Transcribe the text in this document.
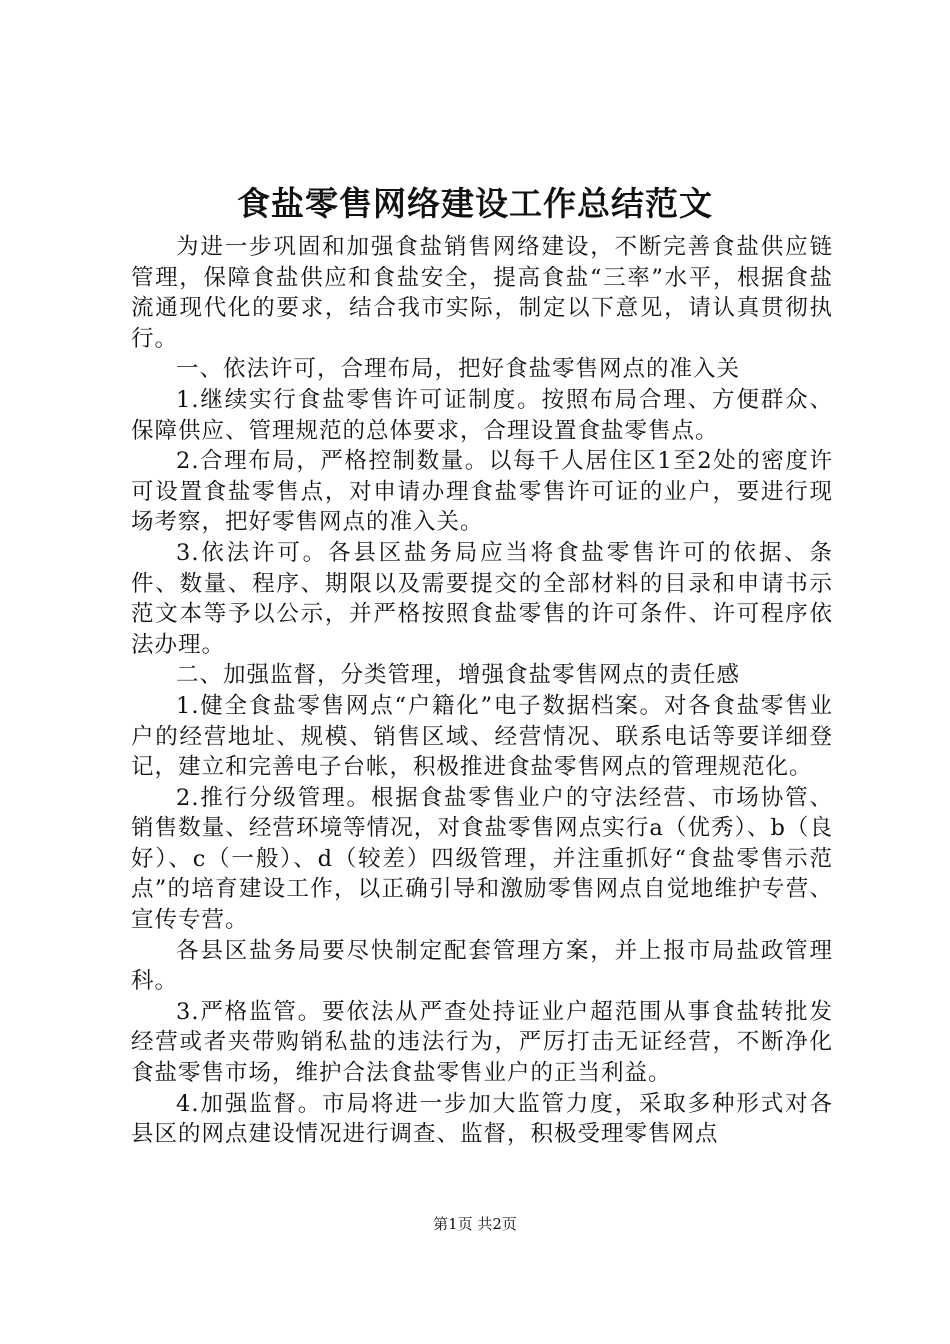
食盐零售网络建设工作总结范文

为进一步巩固和加强食盐销售网络建设，不断完善食盐供应链管理，保障食盐供应和食盐安全，提高食盐“三率”水平，根据食盐流通现代化的要求，结合我市实际，制定以下意见，请认真贯彻执行。

一、依法许可，合理布局，把好食盐零售网点的准入关

1.继续实行食盐零售许可证制度。按照布局合理、方便群众、保障供应、管理规范的总体要求，合理设置食盐零售点。

2.合理布局，严格控制数量。以每千人居住区1至2处的密度许可设置食盐零售点，对申请办理食盐零售许可证的业户，要进行现场考察，把好零售网点的准入关。

3.依法许可。各县区盐务局应当将食盐零售许可的依据、条件、数量、程序、期限以及需要提交的全部材料的目录和申请书示范文本等予以公示，并严格按照食盐零售的许可条件、许可程序依法办理。

二、加强监督，分类管理，增强食盐零售网点的责任感

1.健全食盐零售网点“户籍化”电子数据档案。对各食盐零售业户的经营地址、规模、销售区域、经营情况、联系电话等要详细登记，建立和完善电子台帐，积极推进食盐零售网点的管理规范化。

2.推行分级管理。根据食盐零售业户的守法经营、市场协管、销售数量、经营环境等情况，对食盐零售网点实行a（优秀）、b（良好）、c（一般）、d（较差）四级管理，并注重抓好“食盐零售示范点”的培育建设工作，以正确引导和激励零售网点自觉地维护专营、宣传专营。

各县区盐务局要尽快制定配套管理方案，并上报市局盐政管理科。

3.严格监管。要依法从严查处持证业户超范围从事食盐转批发经营或者夹带购销私盐的违法行为，严厉打击无证经营，不断净化食盐零售市场，维护合法食盐零售业户的正当利益。

4.加强监督。市局将进一步加大监管力度，采取多种形式对各县区的网点建设情况进行调查、监督，积极受理零售网点

第1页 共2页
